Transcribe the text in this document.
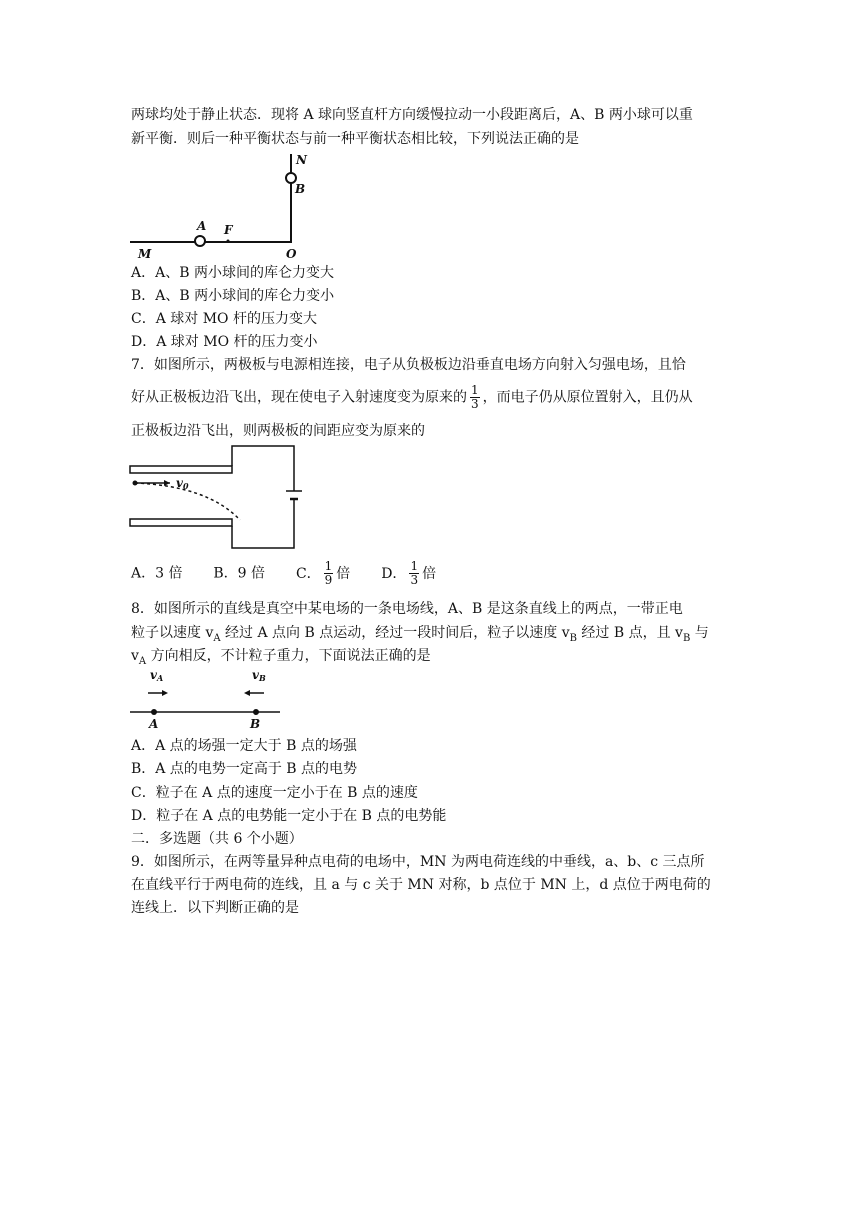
两球均处于静止状态．现将 A 球向竖直杆方向缓慢拉动一小段距离后，A、B 两小球可以重
新平衡．则后一种平衡状态与前一种平衡状态相比较，下列说法正确的是
N
B
A F
M	O
A．A、B 两小球间的库仑力变大
B．A、B 两小球间的库仑力变小
C．A 球对 MO 杆的压力变大
D．A 球对 MO 杆的压力变小
7．如图所示，两极板与电源相连接，电子从负极板边沿垂直电场方向射入匀强电场，且恰
好从正极板边沿飞出，现在使电子入射速度变为原来的 $\frac{1}{3}$ ，而电子仍从原位置射入，且仍从
正极板边沿飞出，则两极板的间距应变为原来的
v0
A．3 倍 B．9 倍 C． $\frac{1}{9}$ 倍 D． $\frac{1}{3}$ 倍
8．如图所示的直线是真空中某电场的一条电场线，A、B 是这条直线上的两点，一带正电
粒子以速度 $v_A$ 经过 A 点向 B 点运动，经过一段时间后，粒子以速度 $v_B$ 经过 B 点，且 $v_B$ 与
$v_A$ 方向相反，不计粒子重力，下面说法正确的是
vA	vB
A	B
A．A 点的场强一定大于 B 点的场强
B．A 点的电势一定高于 B 点的电势
C．粒子在 A 点的速度一定小于在 B 点的速度
D．粒子在 A 点的电势能一定小于在 B 点的电势能
二．多选题（共 6 个小题）
9．如图所示，在两等量异种点电荷的电场中，MN 为两电荷连线的中垂线，a、b、c 三点所
在直线平行于两电荷的连线，且 a 与 c 关于 MN 对称，b 点位于 MN 上，d 点位于两电荷的
连线上．以下判断正确的是
